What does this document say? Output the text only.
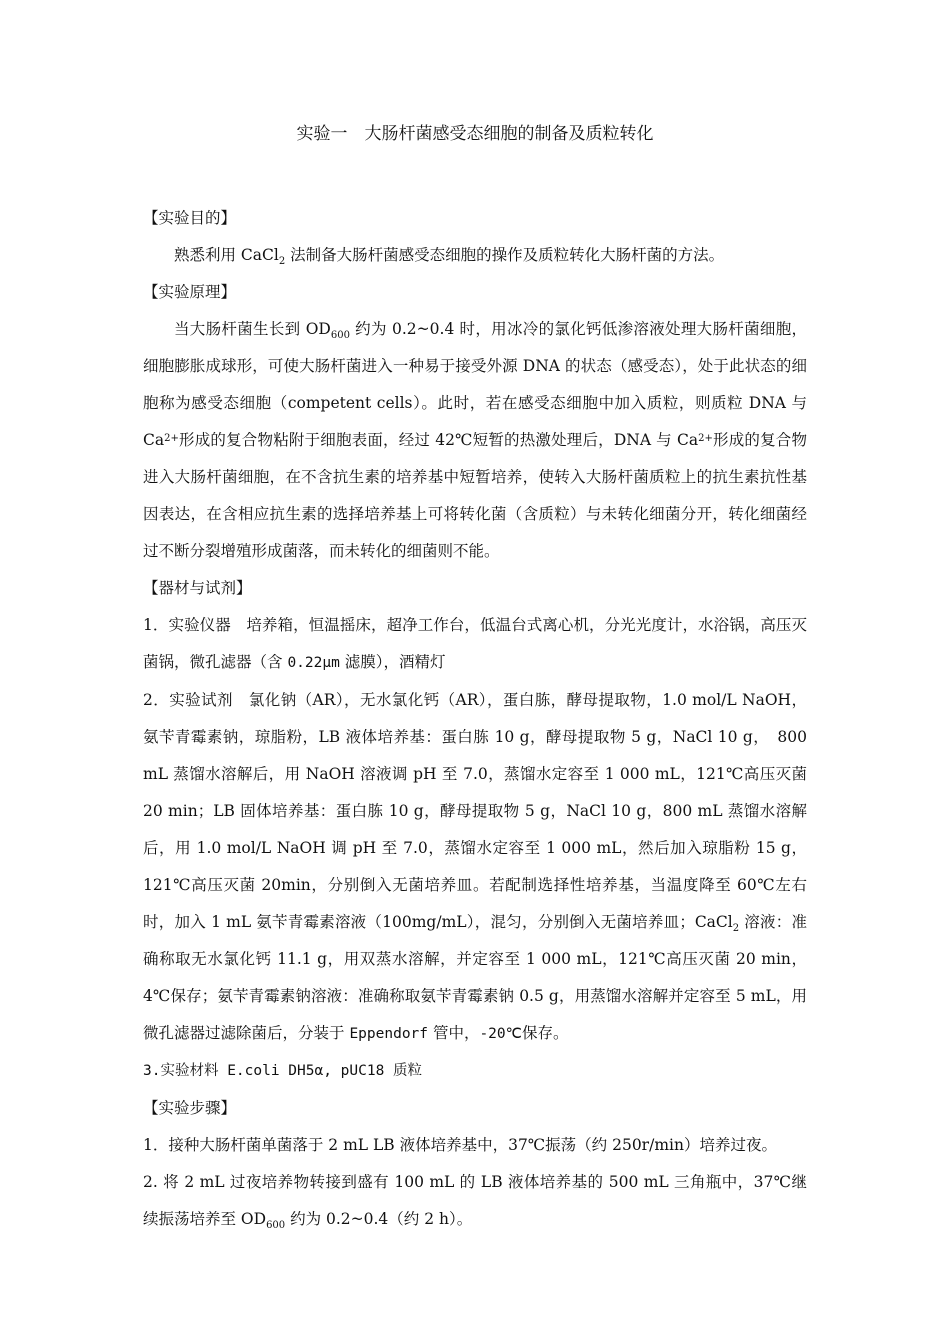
实验一　大肠杆菌感受态细胞的制备及质粒转化

【实验目的】

熟悉利用 CaCl$_2$ 法制备大肠杆菌感受态细胞的操作及质粒转化大肠杆菌的方法。

【实验原理】

当大肠杆菌生长到 $OD_{600}$ 约为 0.2~0.4 时，用冰冷的氯化钙低渗溶液处理大肠杆菌细胞，细胞膨胀成球形，可使大肠杆菌进入一种易于接受外源 DNA 的状态（感受态），处于此状态的细胞称为感受态细胞（competent cells）。此时，若在感受态细胞中加入质粒，则质粒 DNA 与 $Ca^{2+}$形成的复合物粘附于细胞表面，经过 42℃短暂的热激处理后，DNA 与 $Ca^{2+}$形成的复合物进入大肠杆菌细胞，在不含抗生素的培养基中短暂培养，使转入大肠杆菌质粒上的抗生素抗性基因表达，在含相应抗生素的选择培养基上可将转化菌（含质粒）与未转化细菌分开，转化细菌经过不断分裂增殖形成菌落，而未转化的细菌则不能。

【器材与试剂】

1．实验仪器　培养箱，恒温摇床，超净工作台，低温台式离心机，分光光度计，水浴锅，高压灭菌锅，微孔滤器（含 0.22μm 滤膜），酒精灯

2．实验试剂　氯化钠（AR），无水氯化钙（AR），蛋白胨，酵母提取物，1.0 mol/L NaOH，氨苄青霉素钠，琼脂粉，LB 液体培养基：蛋白胨 10 g，酵母提取物 5 g，NaCl 10 g，　800 mL 蒸馏水溶解后，用 NaOH 溶液调 pH 至 7.0，蒸馏水定容至 1 000 mL，121℃高压灭菌 20 min；LB 固体培养基：蛋白胨 10 g，酵母提取物 5 g，NaCl 10 g，800 mL 蒸馏水溶解后，用 1.0 mol/L NaOH 调 pH 至 7.0，蒸馏水定容至 1 000 mL，然后加入琼脂粉 15 g，121℃高压灭菌 20min，分别倒入无菌培养皿。若配制选择性培养基，当温度降至 60℃左右时，加入 1 mL 氨苄青霉素溶液（100mg/mL），混匀，分别倒入无菌培养皿；CaCl$_2$ 溶液：准确称取无水氯化钙 11.1 g，用双蒸水溶解，并定容至 1 000 mL，121℃高压灭菌 20 min，4℃保存；氨苄青霉素钠溶液：准确称取氨苄青霉素钠 0.5 g，用蒸馏水溶解并定容至 5 mL，用微孔滤器过滤除菌后，分装于 Eppendorf 管中，-20℃保存。

3.实验材料 E.coli DH5α, pUC18 质粒

【实验步骤】

1．接种大肠杆菌单菌落于 2 mL LB 液体培养基中，37℃振荡（约 250r/min）培养过夜。

2. 将 2 mL 过夜培养物转接到盛有 100 mL 的 LB 液体培养基的 500 mL 三角瓶中，37℃继续振荡培养至 $OD_{600}$ 约为 0.2~0.4（约 2 h）。
